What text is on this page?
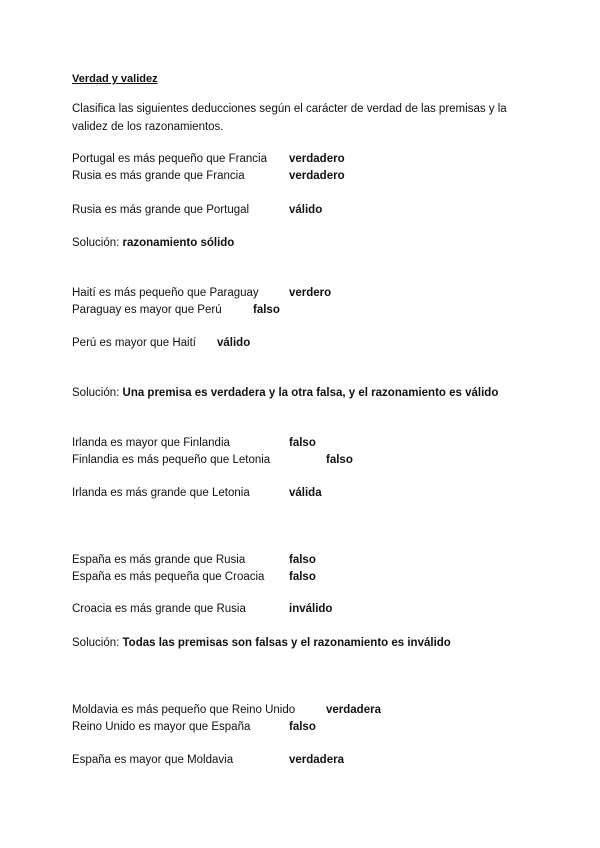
Verdad y validez
Clasifica las siguientes deducciones según el carácter de verdad de las premisas y la validez de los razonamientos.
Portugal es más pequeño que Francia verdadero
Rusia es más grande que Francia	verdadero
Rusia es más grande que Portugal	válido
Solución: razonamiento sólido
Haití es más pequeño que Paraguay	verdero
Paraguay es mayor que Perú	falso
Perú es mayor que Haití válido
Solución: Una premisa es verdadera y la otra falsa, y el razonamiento es válido
Irlanda es mayor que Finlandia	falso
Finlandia es más pequeño que Letonia	falso
Irlanda es más grande que Letonia	válida
España es más grande que Rusia	falso
España es más pequeña que Croacia falso
Croacia es más grande que Rusia	inválido
Solución: Todas las premisas son falsas y el razonamiento es inválido
Moldavia es más pequeño que Reino Unido	verdadera
Reino Unido es mayor que España	falso
España es mayor que Moldavia	verdadera
